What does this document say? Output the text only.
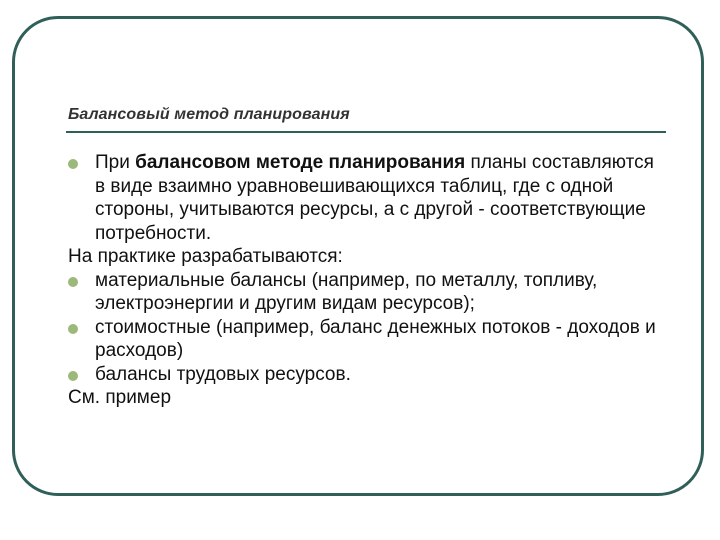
Балансовый метод планирования
При балансовом методе планирования планы составляются в виде взаимно уравновешивающихся таблиц, где с одной стороны, учитываются ресурсы, а с другой - соответствующие потребности.
На практике разрабатываются:
материальные балансы (например, по металлу, топливу, электроэнергии и другим видам ресурсов);
стоимостные (например, баланс денежных потоков - доходов и расходов)
балансы трудовых ресурсов.
См. пример
